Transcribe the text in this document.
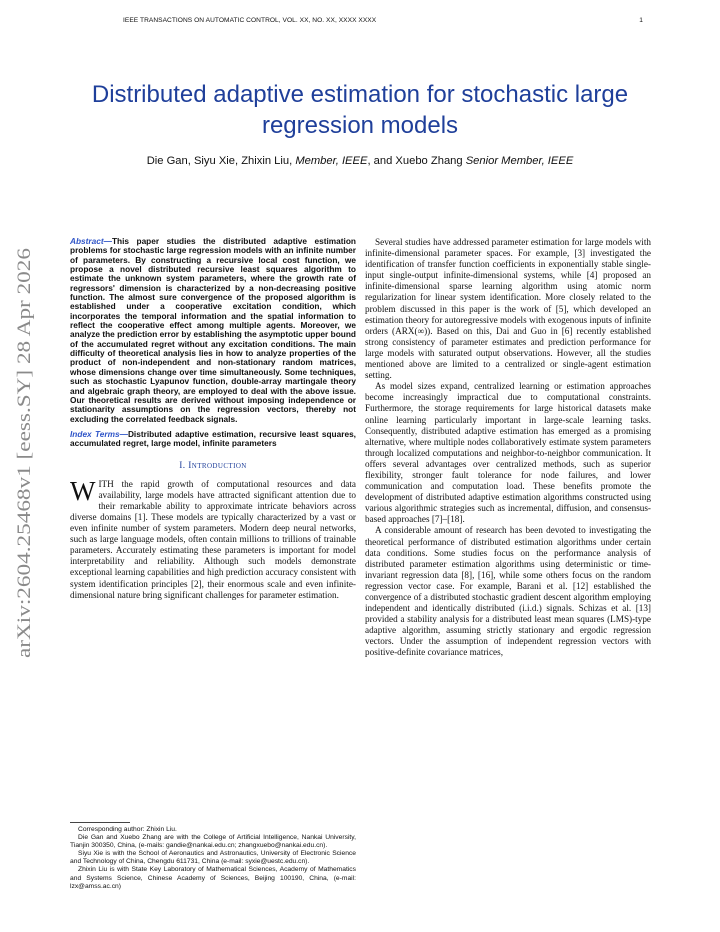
IEEE TRANSACTIONS ON AUTOMATIC CONTROL, VOL. XX, NO. XX, XXXX XXXX	1
Distributed adaptive estimation for stochastic large regression models
Die Gan, Siyu Xie, Zhixin Liu, Member, IEEE, and Xuebo Zhang Senior Member, IEEE
arXiv:2604.25468v1 [eess.SY] 28 Apr 2026
Abstract—This paper studies the distributed adaptive estimation problems for stochastic large regression models with an infinite number of parameters. By constructing a recursive local cost function, we propose a novel distributed recursive least squares algorithm to estimate the unknown system parameters, where the growth rate of regressors' dimension is characterized by a non-decreasing positive function. The almost sure convergence of the proposed algorithm is established under a cooperative excitation condition, which incorporates the temporal information and the spatial information to reflect the cooperative effect among multiple agents. Moreover, we analyze the prediction error by establishing the asymptotic upper bound of the accumulated regret without any excitation conditions. The main difficulty of theoretical analysis lies in how to analyze properties of the product of non-independent and non-stationary random matrices, whose dimensions change over time simultaneously. Some techniques, such as stochastic Lyapunov function, double-array martingale theory and algebraic graph theory, are employed to deal with the above issue. Our theoretical results are derived without imposing independence or stationarity assumptions on the regression vectors, thereby not excluding the correlated feedback signals.
Index Terms—Distributed adaptive estimation, recursive least squares, accumulated regret, large model, infinite parameters
I. Introduction

WITH the rapid growth of computational resources and data availability, large models have attracted significant attention due to their remarkable ability to approximate intricate behaviors across diverse domains [1]. These models are typically characterized by a vast or even infinite number of system parameters. Modern deep neural networks, such as large language models, often contain millions to trillions of trainable parameters. Accurately estimating these parameters is important for model interpretability and reliability. Although such models demonstrate exceptional learning capabilities and high prediction accuracy consistent with system identification principles [2], their enormous scale and even infinite-dimensional nature bring significant challenges for parameter estimation.

Several studies have addressed parameter estimation for large models with infinite-dimensional parameter spaces. For example, [3] investigated the identification of transfer function coefficients in exponentially stable single-input single-output infinite-dimensional systems, while [4] proposed an infinite-dimensional sparse learning algorithm using atomic norm regularization for linear system identification. More closely related to the problem discussed in this paper is the work of [5], which developed an estimation theory for autoregressive models with exogenous inputs of infinite orders (ARX(∞)). Based on this, Dai and Guo in [6] recently established strong consistency of parameter estimates and prediction performance for large models with saturated output observations. However, all the studies mentioned above are limited to a centralized or single-agent estimation setting.

As model sizes expand, centralized learning or estimation approaches become increasingly impractical due to computational constraints. Furthermore, the storage requirements for large historical datasets make online learning particularly important in large-scale learning tasks. Consequently, distributed adaptive estimation has emerged as a promising alternative, where multiple nodes collaboratively estimate system parameters through localized computations and neighbor-to-neighbor communication. It offers several advantages over centralized methods, such as superior flexibility, stronger fault tolerance for node failures, and lower communication and computation load. These benefits promote the development of distributed adaptive estimation algorithms constructed using various algorithmic strategies such as incremental, diffusion, and consensus-based approaches [7]–[18].

A considerable amount of research has been devoted to investigating the theoretical performance of distributed estimation algorithms under certain data conditions. Some studies focus on the performance analysis of distributed parameter estimation algorithms using deterministic or time-invariant regression data [8], [16], while some others focus on the random regression vector case. For example, Barani et al. [12] established the convergence of a distributed stochastic gradient descent algorithm employing independent and identically distributed (i.i.d.) signals. Schizas et al. [13] provided a stability analysis for a distributed least mean squares (LMS)-type adaptive algorithm, assuming strictly stationary and ergodic regression vectors. Under the assumption of independent regression vectors with positive-definite covariance matrices,

Corresponding author: Zhixin Liu.
Die Gan and Xuebo Zhang are with the College of Artificial Intelligence, Nankai University, Tianjin 300350, China, (e-mails: gandie@nankai.edu.cn; zhangxuebo@nankai.edu.cn).
Siyu Xie is with the School of Aeronautics and Astronautics, University of Electronic Science and Technology of China, Chengdu 611731, China (e-mail: syxie@uestc.edu.cn).
Zhixin Liu is with State Key Laboratory of Mathematical Sciences, Academy of Mathematics and Systems Science, Chinese Academy of Sciences, Beijing 100190, China, (e-mail: lzx@amss.ac.cn)
